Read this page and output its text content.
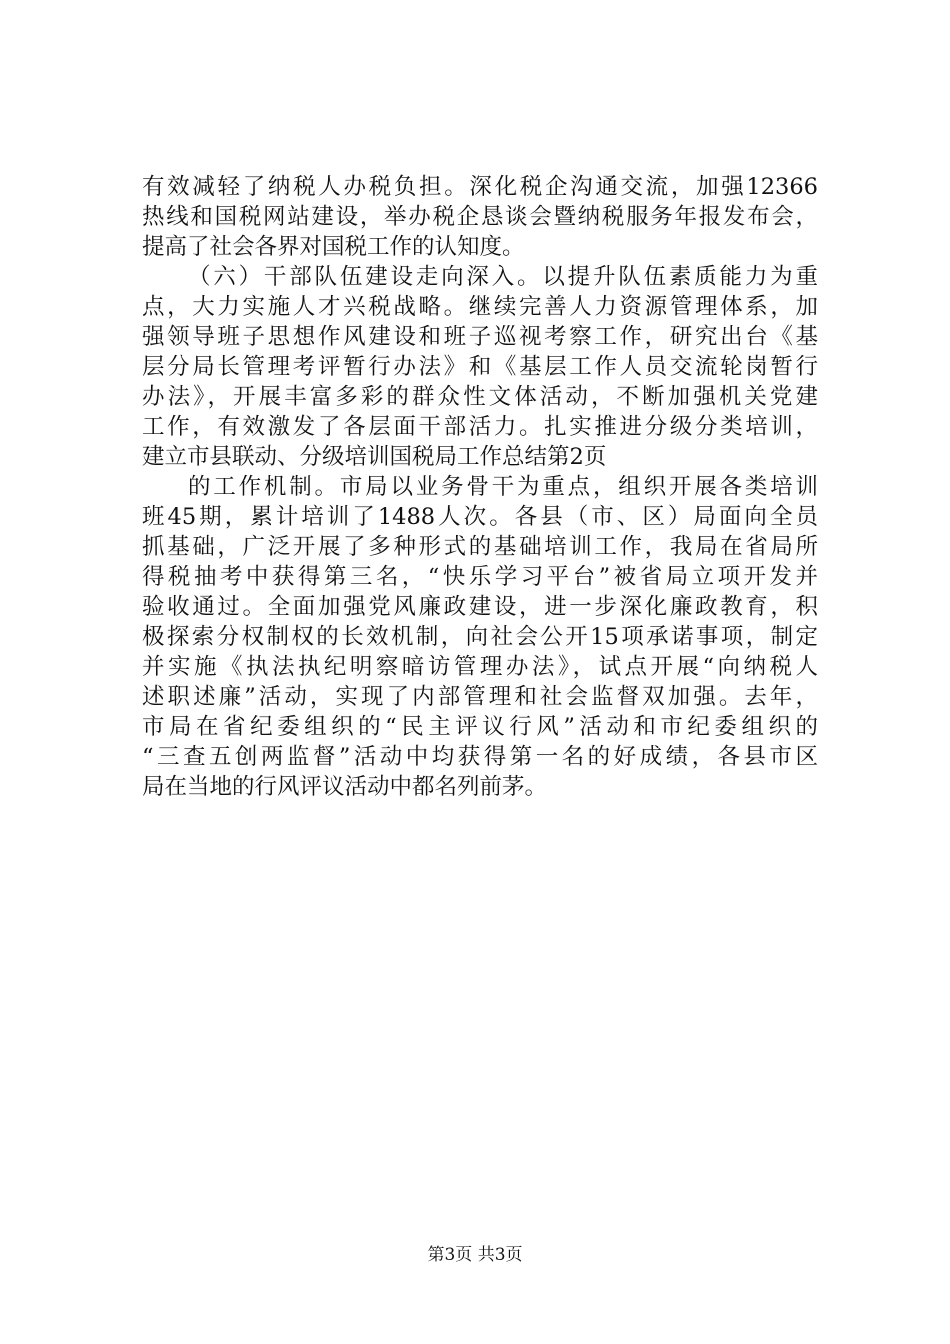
有效减轻了纳税人办税负担。深化税企沟通交流，加强12366
热线和国税网站建设，举办税企恳谈会暨纳税服务年报发布会，
提高了社会各界对国税工作的认知度。
（六）干部队伍建设走向深入。以提升队伍素质能力为重
点，大力实施人才兴税战略。继续完善人力资源管理体系，加
强领导班子思想作风建设和班子巡视考察工作，研究出台《基
层分局长管理考评暂行办法》和《基层工作人员交流轮岗暂行
办法》，开展丰富多彩的群众性文体活动，不断加强机关党建
工作，有效激发了各层面干部活力。扎实推进分级分类培训，
建立市县联动、分级培训国税局工作总结第2页
的工作机制。市局以业务骨干为重点，组织开展各类培训
班45期，累计培训了1488人次。各县（市、区）局面向全员
抓基础，广泛开展了多种形式的基础培训工作，我局在省局所
得税抽考中获得第三名，“快乐学习平台”被省局立项开发并
验收通过。全面加强党风廉政建设，进一步深化廉政教育，积
极探索分权制权的长效机制，向社会公开15项承诺事项，制定
并实施《执法执纪明察暗访管理办法》，试点开展“向纳税人
述职述廉”活动，实现了内部管理和社会监督双加强。去年，
市局在省纪委组织的“民主评议行风”活动和市纪委组织的
“三查五创两监督”活动中均获得第一名的好成绩，各县市区
局在当地的行风评议活动中都名列前茅。
第3页 共3页
